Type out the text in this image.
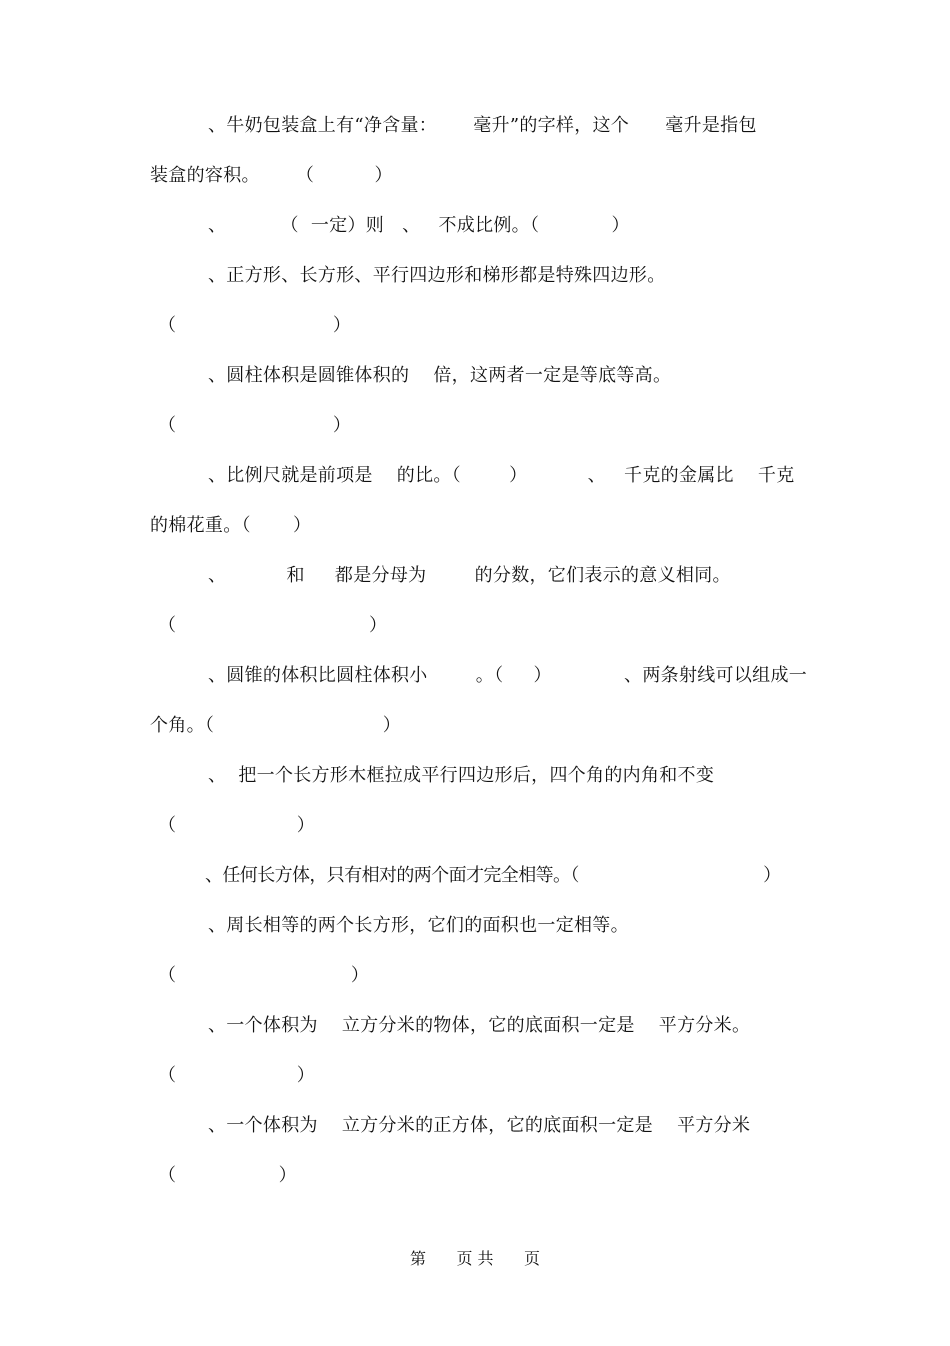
、牛奶包装盒上有“净含量：      毫升”的字样，这个      毫升是指包
装盒的容积。      （          ）
、         （  一定）则   、   不成比例。（            ）
、正方形、长方形、平行四边形和梯形都是特殊四边形。
（                          ）
、圆柱体积是圆锥体积的    倍，这两者一定是等底等高。
（                          ）
、比例尺就是前项是    的比。（        ）          、   千克的金属比    千克
的棉花重。（       ）
、          和     都是分母为        的分数，它们表示的意义相同。
（                                ）
、圆锥的体积比圆柱体积小        。（     ）            、两条射线可以组成一
个角。（                            ）
、  把一个长方形木框拉成平行四边形后，四个角的内角和不变
（                    ）
、任何长方体，只有相对的两个面才完全相等。（                                    ）
、周长相等的两个长方形，它们的面积也一定相等。
（                             ）
、一个体积为    立方分米的物体，它的底面积一定是    平方分米。
（                    ）
、一个体积为    立方分米的正方体，它的底面积一定是    平方分米
（                 ）
第      页 共      页
